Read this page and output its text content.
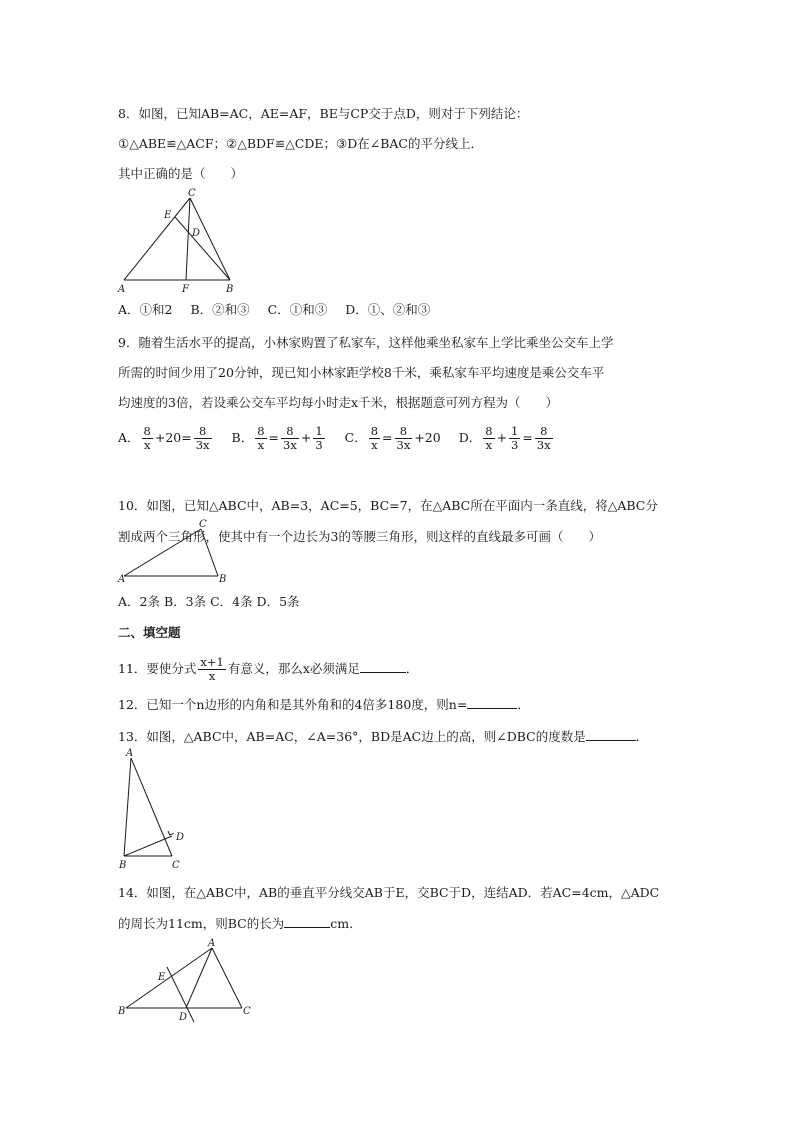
8．如图，已知AB=AC，AE=AF，BE与CP交于点D，则对于下列结论：
①△ABE≌△ACF；②△BDF≌△CDE；③D在∠BAC的平分线上．
其中正确的是（　　）
A	F	B
C
E
D
A．①和2 B．②和③ C．①和③ D．①、②和③
9．随着生活水平的提高，小林家购置了私家车，这样他乘坐私家车上学比乘坐公交车上学
所需的时间少用了20分钟，现已知小林家距学校8千米，乘私家车平均速度是乘公交车平
均速度的3倍，若设乘公交车平均每小时走x千米，根据题意可列方程为（　　）
A． $\frac{8}{x} +20= \frac{8}{3x}$ B． $\frac{8}{x} = \frac{8}{3x} + \frac{1}{3}$ C． $\frac{8}{x} = \frac{8}{3x} +20$ D． $\frac{8}{x} + \frac{1}{3} = \frac{8}{3x}$
10．如图，已知△ABC中，AB=3，AC=5，BC=7，在△ABC所在平面内一条直线，将△ABC分
割成两个三角形，使其中有一个边长为3的等腰三角形，则这样的直线最多可画（　　）
A	B
C
A．2条 B．3条 C．4条 D．5条
二、填空题
11．要使分式 $\frac{x+1}{x}$ 有意义，那么x必须满足	．
12．已知一个n边形的内角和是其外角和的4倍多180度，则n=	．
13．如图，△ABC中，AB=AC，∠A=36°，BD是AC边上的高，则∠DBC的度数是	．
A
B	C
D
14．如图，在△ABC中，AB的垂直平分线交AB于E，交BC于D，连结AD．若AC=4cm，△ADC
的周长为11cm，则BC的长为	cm．
A
B	C
D
E
